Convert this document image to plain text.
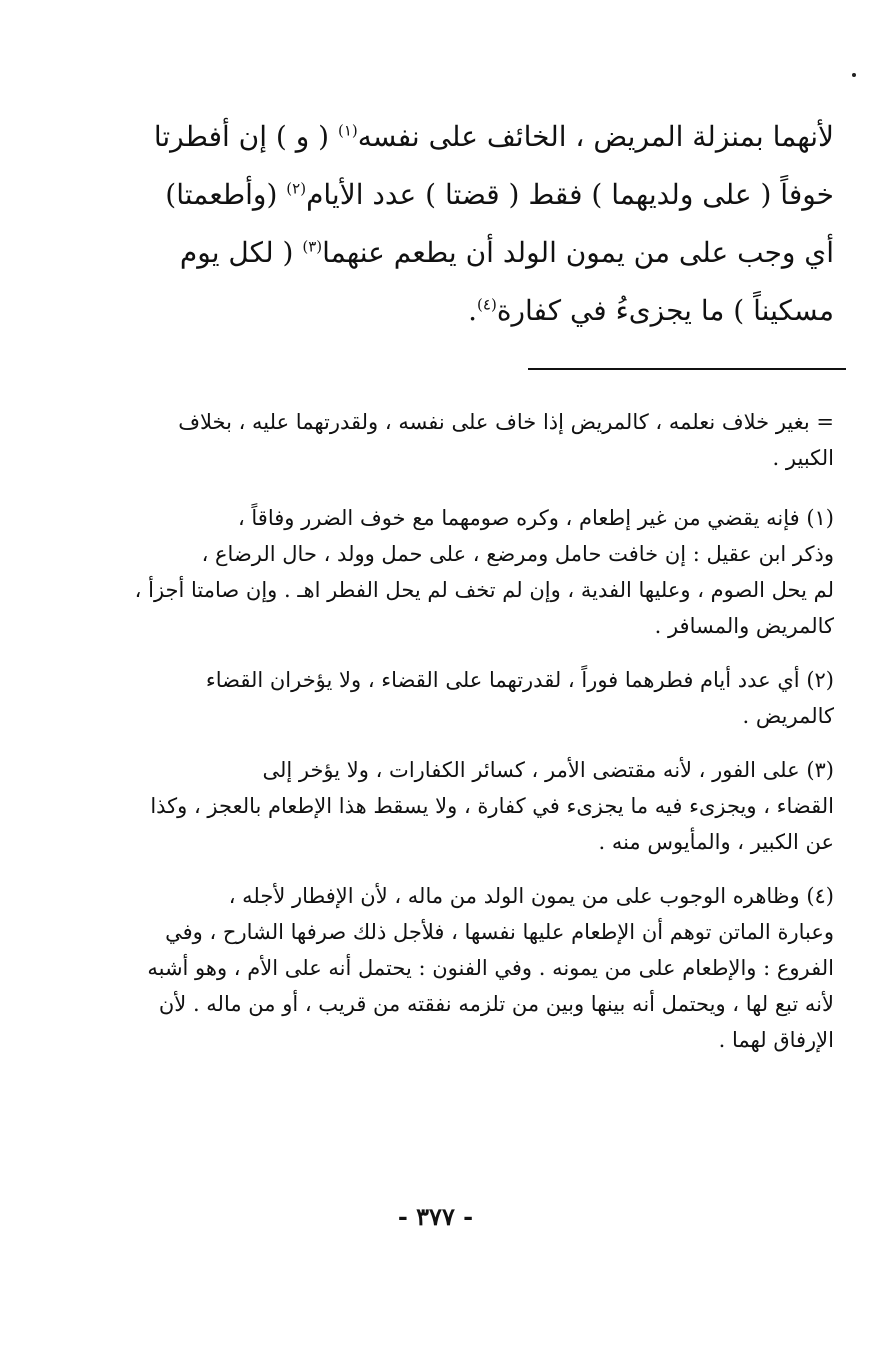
لأنهما بمنزلة المريض ، الخائف على نفسه$^{(١)}$ ( و ) إن أفطرتا
خوفاً ( على ولديهما ) فقط ( قضتا ) عدد الأيام$^{(٢)}$ (وأطعمتا)
أي وجب على من يمون الولد أن يطعم عنهما$^{(٣)}$ ( لكل يوم
مسكيناً ) ما يجزىءُ في كفارة$^{(٤)}$.
= بغير خلاف نعلمه ، كالمريض إذا خاف على نفسه ، ولقدرتهما عليه ، بخلاف
الكبير .
(١) فإنه يقضي من غير إطعام ، وكره صومهما مع خوف الضرر وفاقاً ،
وذكر ابن عقيل : إن خافت حامل ومرضع ، على حمل وولد ، حال الرضاع ،
لم يحل الصوم ، وعليها الفدية ، وإن لم تخف لم يحل الفطر اهـ . وإن صامتا أجزأ ،
كالمريض والمسافر .
(٢) أي عدد أيام فطرهما فوراً ، لقدرتهما على القضاء ، ولا يؤخران القضاء
كالمريض .
(٣) على الفور ، لأنه مقتضى الأمر ، كسائر الكفارات ، ولا يؤخر إلى
القضاء ، ويجزىء فيه ما يجزىء في كفارة ، ولا يسقط هذا الإطعام بالعجز ، وكذا
عن الكبير ، والمأيوس منه .
(٤) وظاهره الوجوب على من يمون الولد من ماله ، لأن الإفطار لأجله ،
وعبارة الماتن توهم أن الإطعام عليها نفسها ، فلأجل ذلك صرفها الشارح ، وفي
الفروع : والإطعام على من يمونه . وفي الفنون : يحتمل أنه على الأم ، وهو أشبه
لأنه تبع لها ، ويحتمل أنه بينها وبين من تلزمه نفقته من قريب ، أو من ماله . لأن
الإرفاق لهما .
- ٣٧٧ -
